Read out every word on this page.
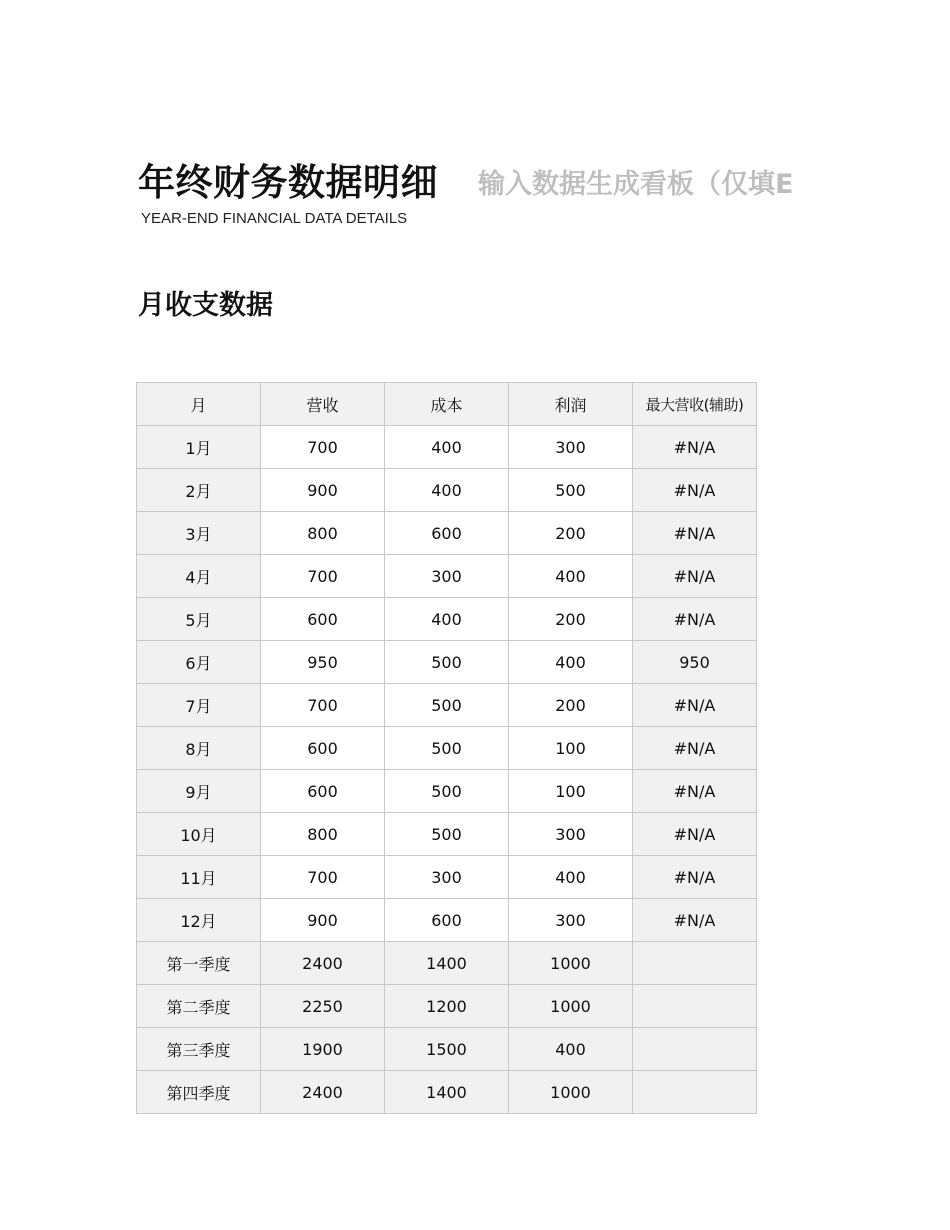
年终财务数据明细 输入数据生成看板（仅填E
YEAR-END FINANCIAL DATA DETAILS
月收支数据
月	营收	成本	利润	最大营收(辅助)
1月	700	400	300	#N/A
2月	900	400	500	#N/A
3月	800	600	200	#N/A
4月	700	300	400	#N/A
5月	600	400	200	#N/A
6月	950	500	400	950
7月	700	500	200	#N/A
8月	600	500	100	#N/A
9月	600	500	100	#N/A
10月	800	500	300	#N/A
11月	700	300	400	#N/A
12月	900	600	300	#N/A
第一季度	2400	1400	1000	
第二季度	2250	1200	1000	
第三季度	1900	1500	400	
第四季度	2400	1400	1000	
